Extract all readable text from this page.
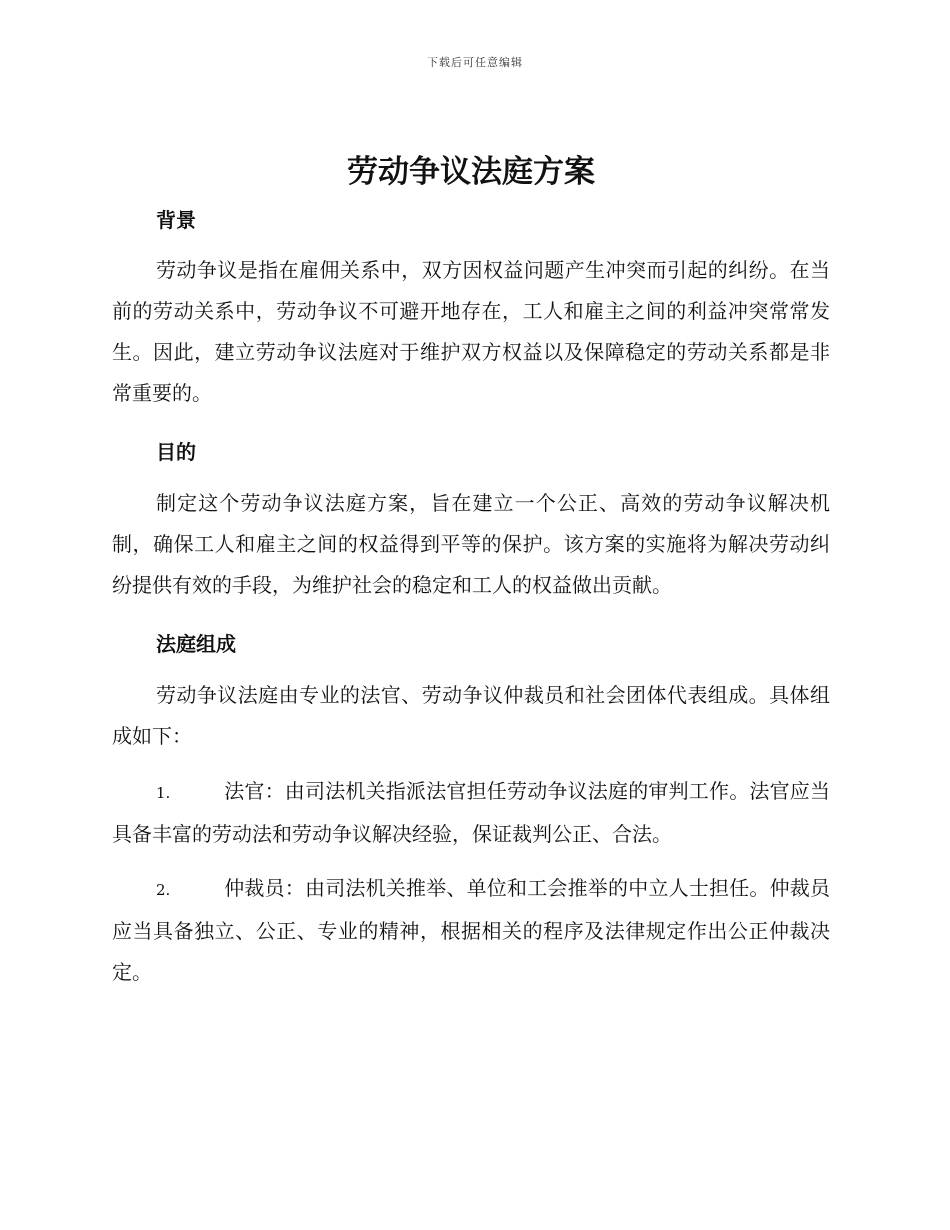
下载后可任意编辑
劳动争议法庭方案
背景

劳动争议是指在雇佣关系中，双方因权益问题产生冲突而引起的纠纷。在当前的劳动关系中，劳动争议不可避开地存在，工人和雇主之间的利益冲突常常发生。因此，建立劳动争议法庭对于维护双方权益以及保障稳定的劳动关系都是非常重要的。

目的

制定这个劳动争议法庭方案，旨在建立一个公正、高效的劳动争议解决机制，确保工人和雇主之间的权益得到平等的保护。该方案的实施将为解决劳动纠纷提供有效的手段，为维护社会的稳定和工人的权益做出贡献。

法庭组成

劳动争议法庭由专业的法官、劳动争议仲裁员和社会团体代表组成。具体组成如下：

1.	法官：由司法机关指派法官担任劳动争议法庭的审判工作。法官应当具备丰富的劳动法和劳动争议解决经验，保证裁判公正、合法。

2.	仲裁员：由司法机关推举、单位和工会推举的中立人士担任。仲裁员应当具备独立、公正、专业的精神，根据相关的程序及法律规定作出公正仲裁决定。
